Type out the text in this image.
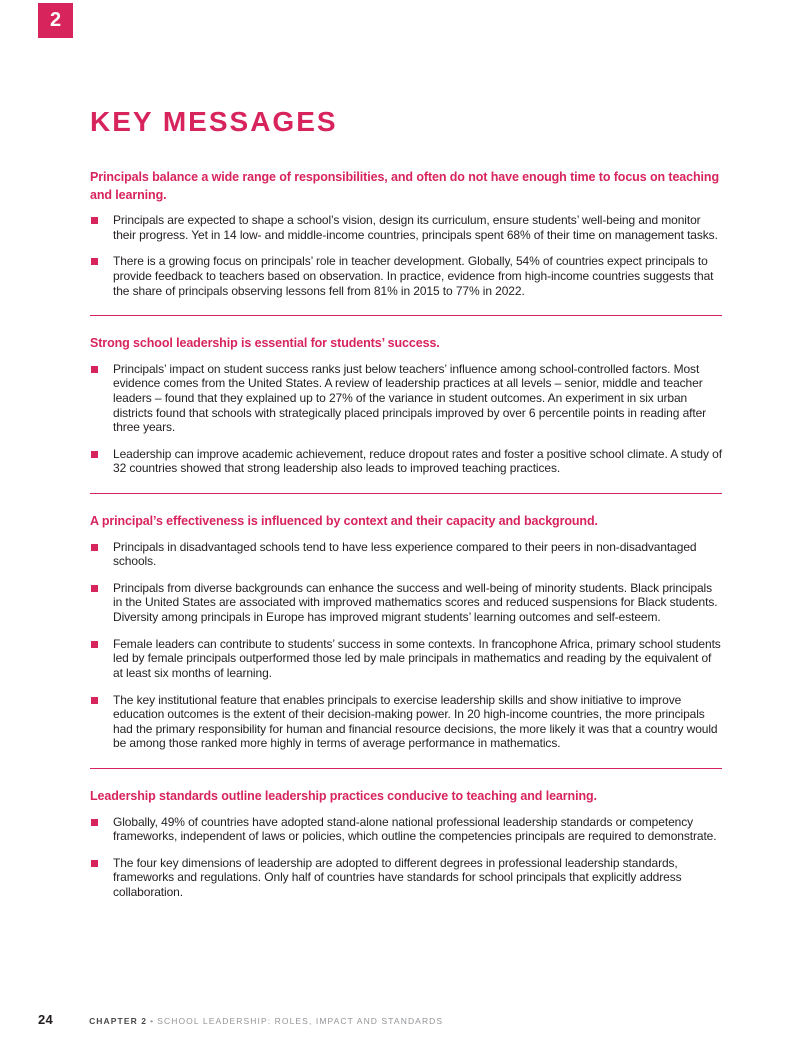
2
KEY MESSAGES
Principals balance a wide range of responsibilities, and often do not have enough time to focus on teaching and learning.

Principals are expected to shape a school’s vision, design its curriculum, ensure students’ well-being and monitor their progress. Yet in 14 low- and middle-income countries, principals spent 68% of their time on management tasks.

There is a growing focus on principals’ role in teacher development. Globally, 54% of countries expect principals to provide feedback to teachers based on observation. In practice, evidence from high-income countries suggests that the share of principals observing lessons fell from 81% in 2015 to 77% in 2022.

Strong school leadership is essential for students’ success.

Principals’ impact on student success ranks just below teachers’ influence among school-controlled factors. Most evidence comes from the United States. A review of leadership practices at all levels – senior, middle and teacher leaders – found that they explained up to 27% of the variance in student outcomes. An experiment in six urban districts found that schools with strategically placed principals improved by over 6 percentile points in reading after three years.

Leadership can improve academic achievement, reduce dropout rates and foster a positive school climate. A study of 32 countries showed that strong leadership also leads to improved teaching practices.

A principal’s effectiveness is influenced by context and their capacity and background.

Principals in disadvantaged schools tend to have less experience compared to their peers in non-disadvantaged schools.

Principals from diverse backgrounds can enhance the success and well-being of minority students. Black principals in the United States are associated with improved mathematics scores and reduced suspensions for Black students. Diversity among principals in Europe has improved migrant students’ learning outcomes and self-esteem.

Female leaders can contribute to students’ success in some contexts. In francophone Africa, primary school students led by female principals outperformed those led by male principals in mathematics and reading by the equivalent of at least six months of learning.

The key institutional feature that enables principals to exercise leadership skills and show initiative to improve education outcomes is the extent of their decision-making power. In 20 high-income countries, the more principals had the primary responsibility for human and financial resource decisions, the more likely it was that a country would be among those ranked more highly in terms of average performance in mathematics.

Leadership standards outline leadership practices conducive to teaching and learning.

Globally, 49% of countries have adopted stand-alone national professional leadership standards or competency frameworks, independent of laws or policies, which outline the competencies principals are required to demonstrate.

The four key dimensions of leadership are adopted to different degrees in professional leadership standards, frameworks and regulations. Only half of countries have standards for school principals that explicitly address collaboration.

24	CHAPTER 2 • SCHOOL LEADERSHIP: ROLES, IMPACT AND STANDARDS
